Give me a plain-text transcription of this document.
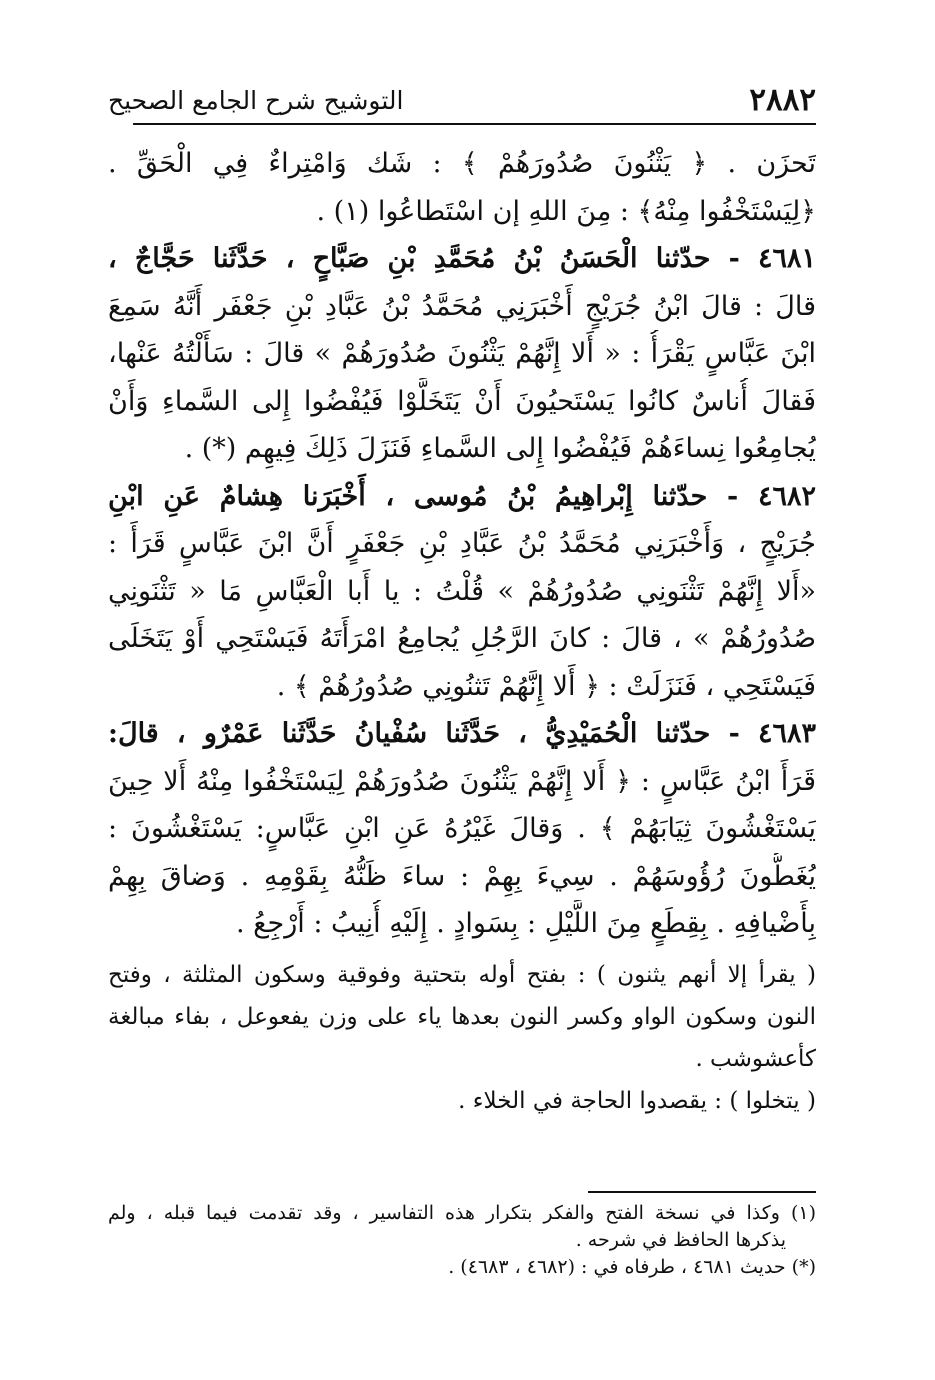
٢٨٨٢
التوشيح شرح الجامع الصحيح
تَحزَن . ﴿ يَثْنُونَ صُدُورَهُمْ ﴾ : شَك وَامْتِراءٌ فِي الْحَقِّ .
﴿لِيَسْتَخْفُوا مِنْهُ﴾ : مِنَ اللهِ إن اسْتَطاعُوا (١) .
٤٦٨١ - حدّثنا الْحَسَنُ بْنُ مُحَمَّدِ بْنِ صَبَّاحٍ ، حَدَّثَنا حَجَّاجٌ ،
قالَ : قالَ ابْنُ جُرَيْجٍ أَخْبَرَنِي مُحَمَّدُ بْنُ عَبَّادِ بْنِ جَعْفَر أَنَّهُ سَمِعَ
ابْنَ عَبَّاسٍ يَقْرَأُ : « أَلا إِنَّهُمْ يَثْنُونَ صُدُورَهُمْ » قالَ : سَأَلْتُهُ عَنْها،
فَقالَ أُناسٌ كانُوا يَسْتَحيُونَ أَنْ يَتَخَلَّوْا فَيُفْضُوا إِلى السَّماءِ وَأَنْ
يُجامِعُوا نِساءَهُمْ فَيُفْضُوا إِلى السَّماءِ فَنَزَلَ ذَلِكَ فِيهِم (*) .
٤٦٨٢ - حدّثنا إِبْراهِيمُ بْنُ مُوسى ، أَخْبَرَنا هِشامٌ عَنِ ابْنِ
جُرَيْجٍ ، وَأَخْبَرَنِي مُحَمَّدُ بْنُ عَبَّادِ بْنِ جَعْفَرٍ أَنَّ ابْنَ عَبَّاسٍ قَرَأَ :
«أَلا إِنَّهُمْ تَثْنَونِي صُدُورُهُمْ » قُلْتُ : يا أَبا الْعَبَّاسِ مَا « تَثْنَونِي
صُدُورُهُمْ » ، قالَ : كانَ الرَّجُلِ يُجامِعُ امْرَأَتَهُ فَيَسْتَحِي أَوْ يَتَخَلَى
فَيَسْتَحِي ، فَنَزَلَتْ : ﴿ أَلا إِنَّهُمْ تَثنُونِي صُدُورُهُمْ ﴾ .
٤٦٨٣ - حدّثنا الْحُمَيْدِيُّ ، حَدَّثَنا سُفْيانُ حَدَّثَنا عَمْرٌو ، قالَ:
قَرَأَ ابْنُ عَبَّاسٍ : ﴿ أَلا إِنَّهُمْ يَثْنُونَ صُدُورَهُمْ لِيَسْتَخْفُوا مِنْهُ أَلا حِينَ
يَسْتَغْشُونَ ثِيَابَهُمْ ﴾ . وَقالَ غَيْرُهُ عَنِ ابْنِ عَبَّاسٍ: يَسْتَغْشُونَ :
يُغَطُّونَ رُؤُوسَهُمْ . سِيءَ بِهِمْ : ساءَ ظَنُّهُ بِقَوْمِهِ . وَضاقَ بِهِمْ
بِأَضْيافِهِ . بِقِطَعٍ مِنَ اللَّيْلِ : بِسَوادٍ . إِلَيْهِ أُنِيبُ : أَرْجِعُ .
( يقرأ إلا أنهم يثنون ) : بفتح أوله بتحتية وفوقية وسكون المثلثة ، وفتح
النون وسكون الواو وكسر النون بعدها ياء على وزن يفعوعل ، بفاء مبالغة
كأعشوشب .
( يتخلوا ) : يقصدوا الحاجة في الخلاء .
(١) وكذا في نسخة الفتح والفكر بتكرار هذه التفاسير ، وقد تقدمت فيما قبله ، ولم
يذكرها الحافظ في شرحه .
(*) حديث ٤٦٨١ ، طرفاه في : (٤٦٨٢ ، ٤٦٨٣) .
